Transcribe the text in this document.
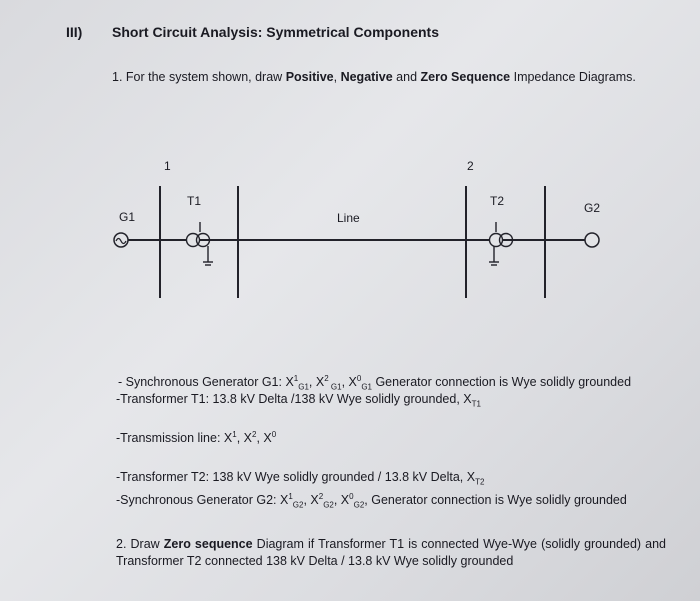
III) Short Circuit Analysis: Symmetrical Components
1. For the system shown, draw Positive, Negative and Zero Sequence Impedance Diagrams.
1	2
G1
G2
T1	T2
Line
- Synchronous Generator G1: $X^1_{G1}$, $X^2$ $_{G1}$, $X^0_{G1}$ Generator connection is Wye solidly grounded
-Transformer T1: 13.8 kV Delta /138 kV Wye solidly grounded, $X_{T1}$
-Transmission line: $X^1$, $X^2$, $X^0$
-Transformer T2: 138 kV Wye solidly grounded / 13.8 kV Delta, $X_{T2}$
-Synchronous Generator G2: $X^1_{G2}$, $X^2_{G2}$, $X^0_{G2}$, Generator connection is Wye solidly grounded
2. Draw Zero sequence Diagram if Transformer T1 is connected Wye-Wye (solidly grounded) and Transformer T2 connected 138 kV Delta / 13.8 kV Wye solidly grounded
